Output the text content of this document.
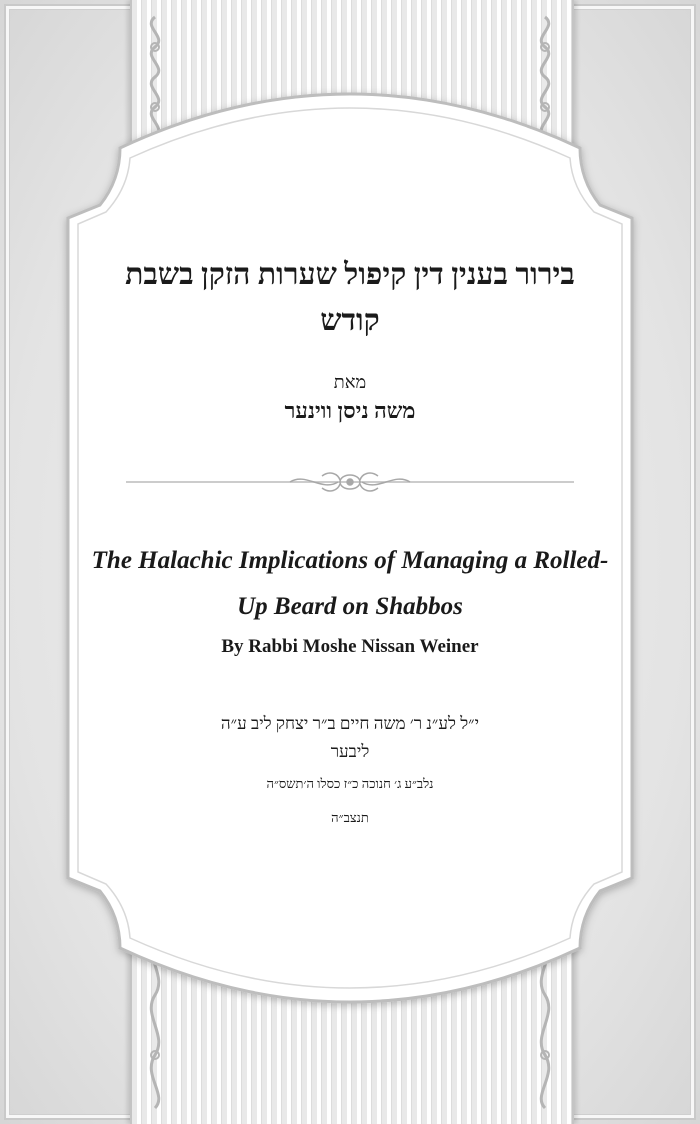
בירור בענין דין קיפול שערות הזקן בשבת קודש

מאת

משה ניסן ווינער

The Halachic Implications of Managing a Rolled-Up Beard on Shabbos

By Rabbi Moshe Nissan Weiner

י״ל לע״נ ר׳ משה חיים ב״ר יצחק ליב ע״ה

ליבער

נלב״ע ג׳ חנוכה כ״ז כסלו ה׳תשס״ה

תנצב״ה
